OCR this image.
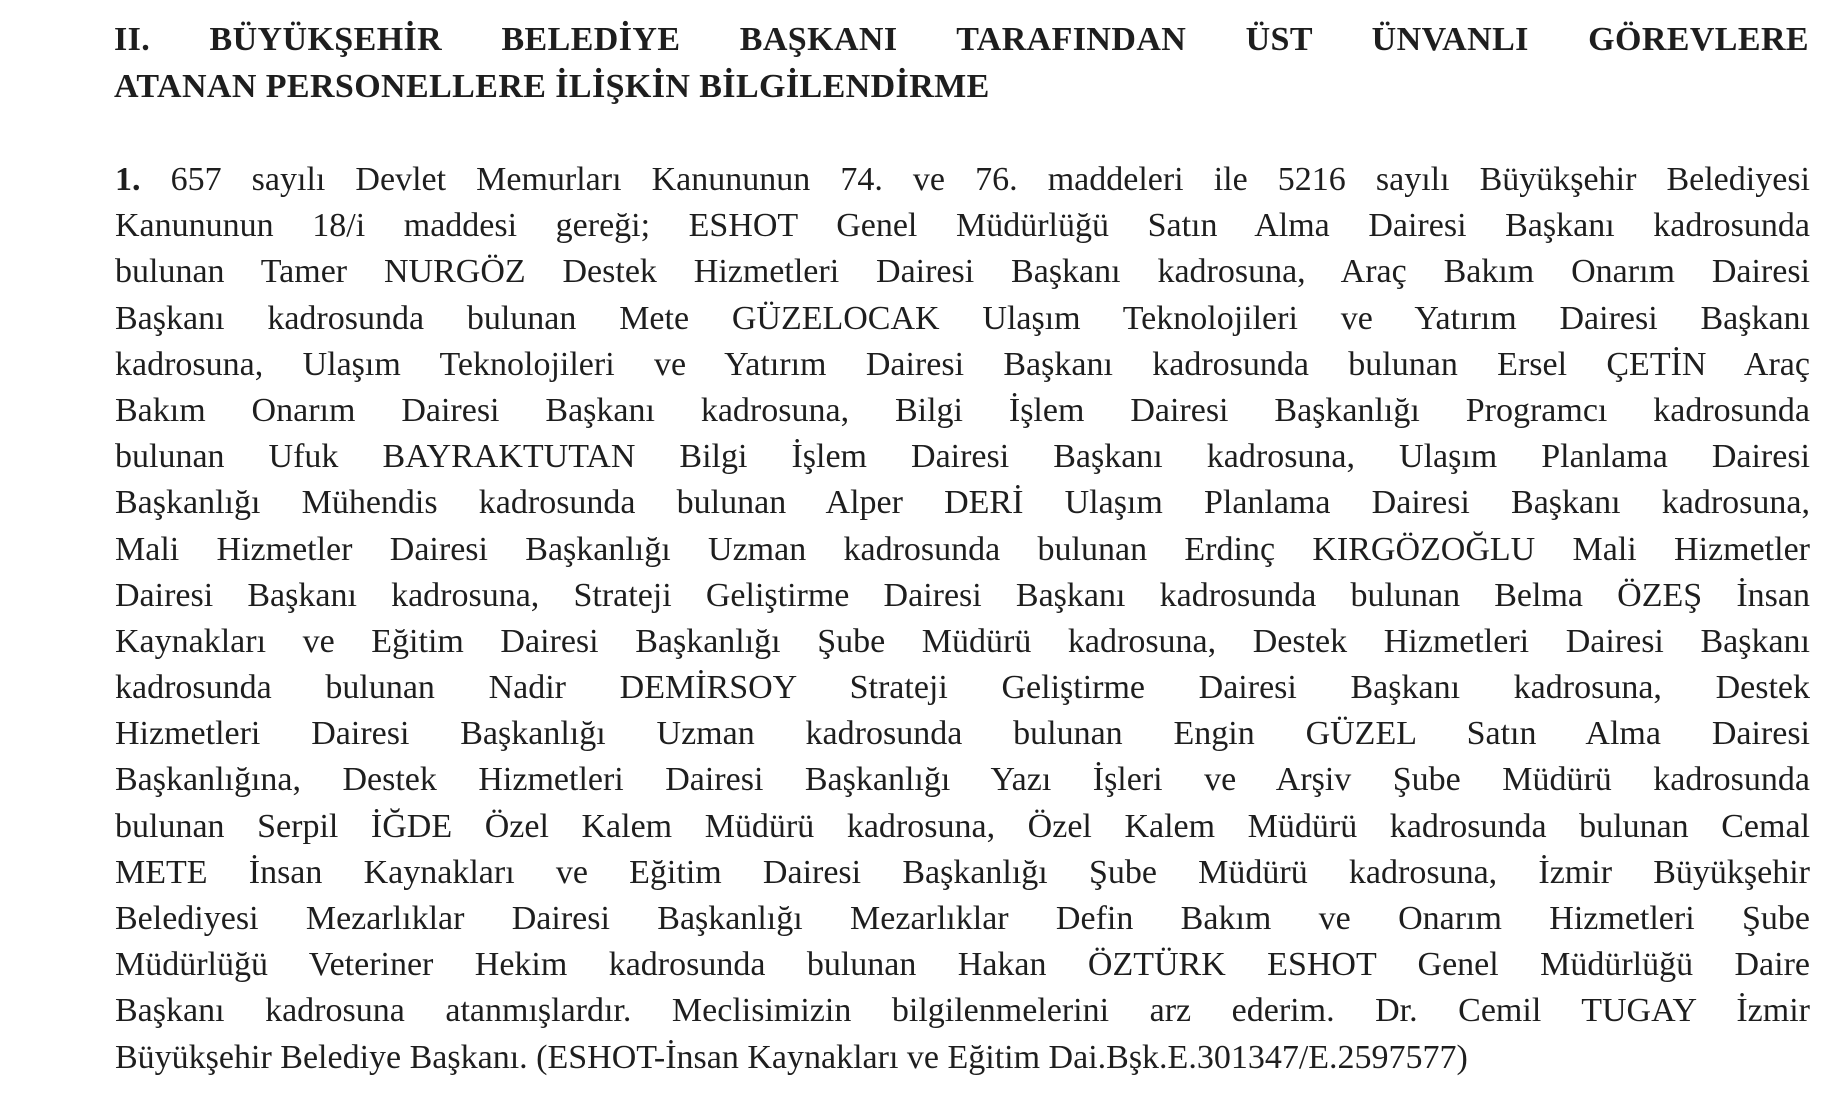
II. BÜYÜKŞEHİR BELEDİYE BAŞKANI TARAFINDAN ÜST ÜNVANLI GÖREVLERE
ATANAN PERSONELLERE İLİŞKİN BİLGİLENDİRME
1. 657 sayılı Devlet Memurları Kanununun 74. ve 76. maddeleri ile 5216 sayılı Büyükşehir Belediyesi
Kanununun 18/i maddesi gereği; ESHOT Genel Müdürlüğü Satın Alma Dairesi Başkanı kadrosunda
bulunan Tamer NURGÖZ Destek Hizmetleri Dairesi Başkanı kadrosuna, Araç Bakım Onarım Dairesi
Başkanı kadrosunda bulunan Mete GÜZELOCAK Ulaşım Teknolojileri ve Yatırım Dairesi Başkanı
kadrosuna, Ulaşım Teknolojileri ve Yatırım Dairesi Başkanı kadrosunda bulunan Ersel ÇETİN Araç
Bakım Onarım Dairesi Başkanı kadrosuna, Bilgi İşlem Dairesi Başkanlığı Programcı kadrosunda
bulunan Ufuk BAYRAKTUTAN Bilgi İşlem Dairesi Başkanı kadrosuna, Ulaşım Planlama Dairesi
Başkanlığı Mühendis kadrosunda bulunan Alper DERİ Ulaşım Planlama Dairesi Başkanı kadrosuna,
Mali Hizmetler Dairesi Başkanlığı Uzman kadrosunda bulunan Erdinç KIRGÖZOĞLU Mali Hizmetler
Dairesi Başkanı kadrosuna, Strateji Geliştirme Dairesi Başkanı kadrosunda bulunan Belma ÖZEŞ İnsan
Kaynakları ve Eğitim Dairesi Başkanlığı Şube Müdürü kadrosuna, Destek Hizmetleri Dairesi Başkanı
kadrosunda bulunan Nadir DEMİRSOY Strateji Geliştirme Dairesi Başkanı kadrosuna, Destek
Hizmetleri Dairesi Başkanlığı Uzman kadrosunda bulunan Engin GÜZEL Satın Alma Dairesi
Başkanlığına, Destek Hizmetleri Dairesi Başkanlığı Yazı İşleri ve Arşiv Şube Müdürü kadrosunda
bulunan Serpil İĞDE Özel Kalem Müdürü kadrosuna, Özel Kalem Müdürü kadrosunda bulunan Cemal
METE İnsan Kaynakları ve Eğitim Dairesi Başkanlığı Şube Müdürü kadrosuna, İzmir Büyükşehir
Belediyesi Mezarlıklar Dairesi Başkanlığı Mezarlıklar Defin Bakım ve Onarım Hizmetleri Şube
Müdürlüğü Veteriner Hekim kadrosunda bulunan Hakan ÖZTÜRK ESHOT Genel Müdürlüğü Daire
Başkanı kadrosuna atanmışlardır. Meclisimizin bilgilenmelerini arz ederim. Dr. Cemil TUGAY İzmir
Büyükşehir Belediye Başkanı. (ESHOT-İnsan Kaynakları ve Eğitim Dai.Bşk.E.301347/E.2597577)
